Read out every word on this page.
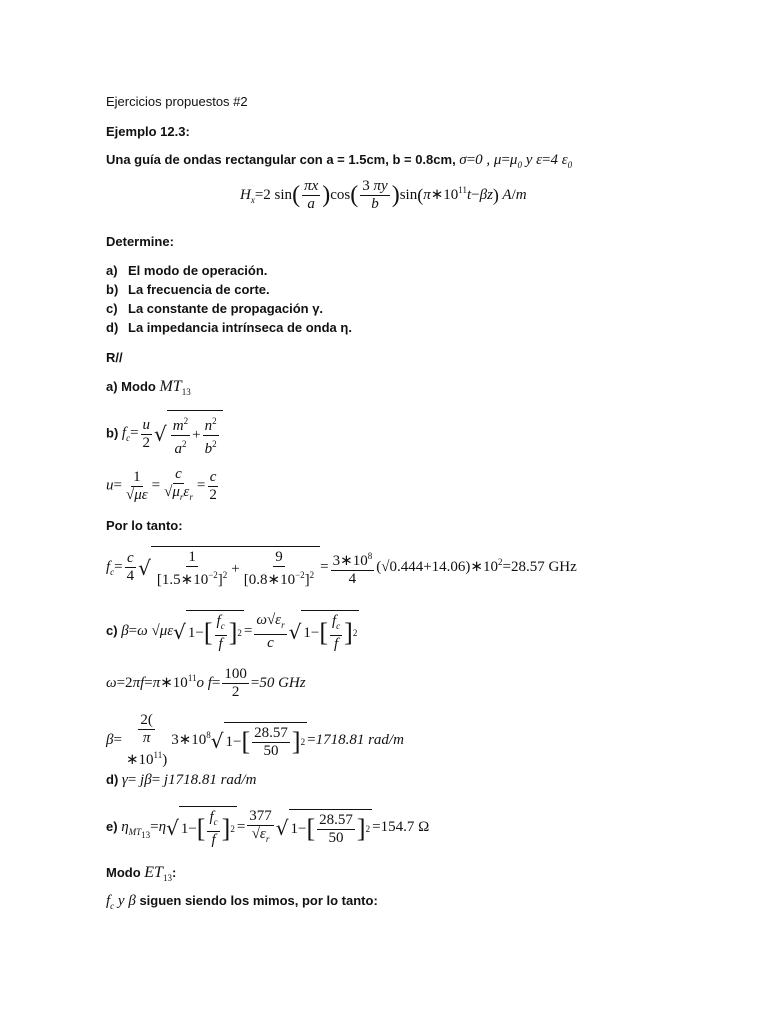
Ejercicios propuestos #2
Ejemplo 12.3:
Una guía de ondas rectangular con a = 1.5cm, b = 0.8cm, σ=0 , $\mu=\mu_0$ y ε=4 $\varepsilon_0$
$H_x=2$ $\sin( \frac{\pi x}{a} )\cos( \frac{3 \pi y}{b}$ )$\sin(\pi∗10^{11}t-\beta z)$ A/m
Determine:
a) El modo de operación.
b) La frecuencia de corte.
c) La constante de propagación γ.
d) La impedancia intrínseca de onda η.
R//
a) Modo $MT_{13}$
b) $f_c= \frac{u}{2}$ √ $\frac{m^2}{a^2} + \frac{n^2}{b^2}$
$u= \frac{1}{√\mu\varepsilon} = \frac{c}{√\mu_r\varepsilon_r} = \frac{c}{2}$
Por lo tanto:
$f_c= \frac{c}{4}$ √ $\frac{1}{[1.5∗10^{-2}]^2} + \frac{9}{[0.8∗10^{-2}]^2} = \frac{3∗10^8}{4}$ $(√0.444+14.06)∗10^2=28.57$ GHz
c) β=ω √με √ 1− [ $\frac{f_c}{f}$ ] $2 = \frac{\omega√\varepsilon_r}{c}$ √ 1− [ $\frac{f_c}{f}$ ] 2
$\omega=2\pi f=\pi∗10^{11}o$ $f= \frac{100}{2} =50$ GHz
β=
2(
π
$∗10^{11}$)
$3∗10^8$ √ 1− [ $\frac{28.57}{50}$ ] 2 =1718.81 rad/m
d) γ= jβ= j1718.81 rad/m
e) $\eta_{MT_{13}}=\eta$ √ 1− [ $\frac{f_c}{f}$ ] $2 = \frac{377}{√\varepsilon_r}$ √ 1− [ $\frac{28.57}{50}$ ] 2 =154.7 Ω
Modo $ET_{13}$:
$f_c$ y β siguen siendo los mimos, por lo tanto:
